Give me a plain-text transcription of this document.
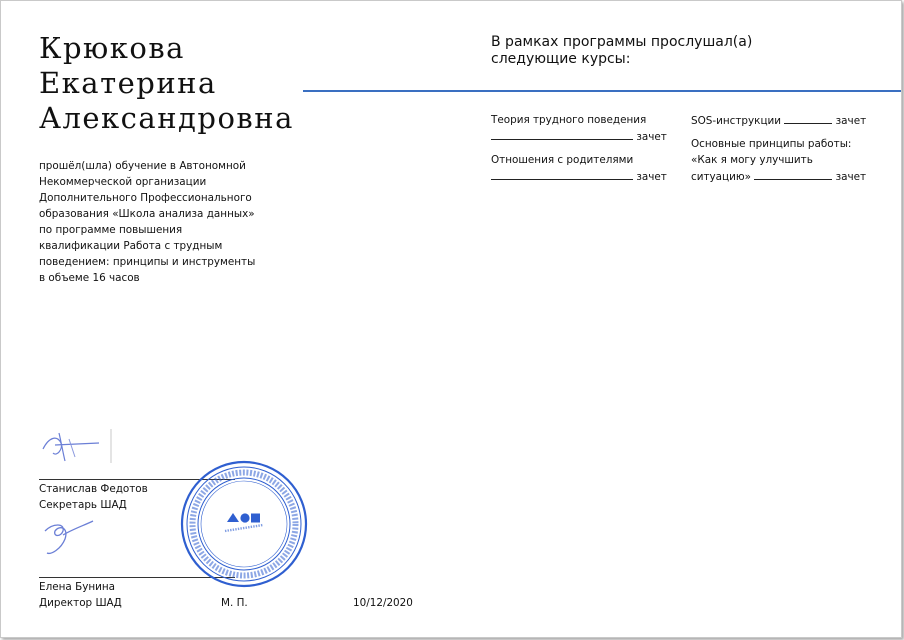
Крюкова
Екатерина
Александровна
прошёл(шла) обучение в Автономной Некоммерческой организации Дополнительного Профессионального образования «Школа анализа данных» по программе повышения квалификации Работа с трудным поведением: принципы и инструменты в объеме 16 часов
В рамках программы прослушал(а) следующие курсы:
Теория трудного поведения
зачет
Отношения с родителями
зачет
SOS-инструкции	зачет
Основные принципы работы:
«Как я могу улучшить
ситуацию»	зачет
Станислав Федотов
Секретарь ШАД
Елена Бунина
Директор ШАД	М. П.	10/12/2020
